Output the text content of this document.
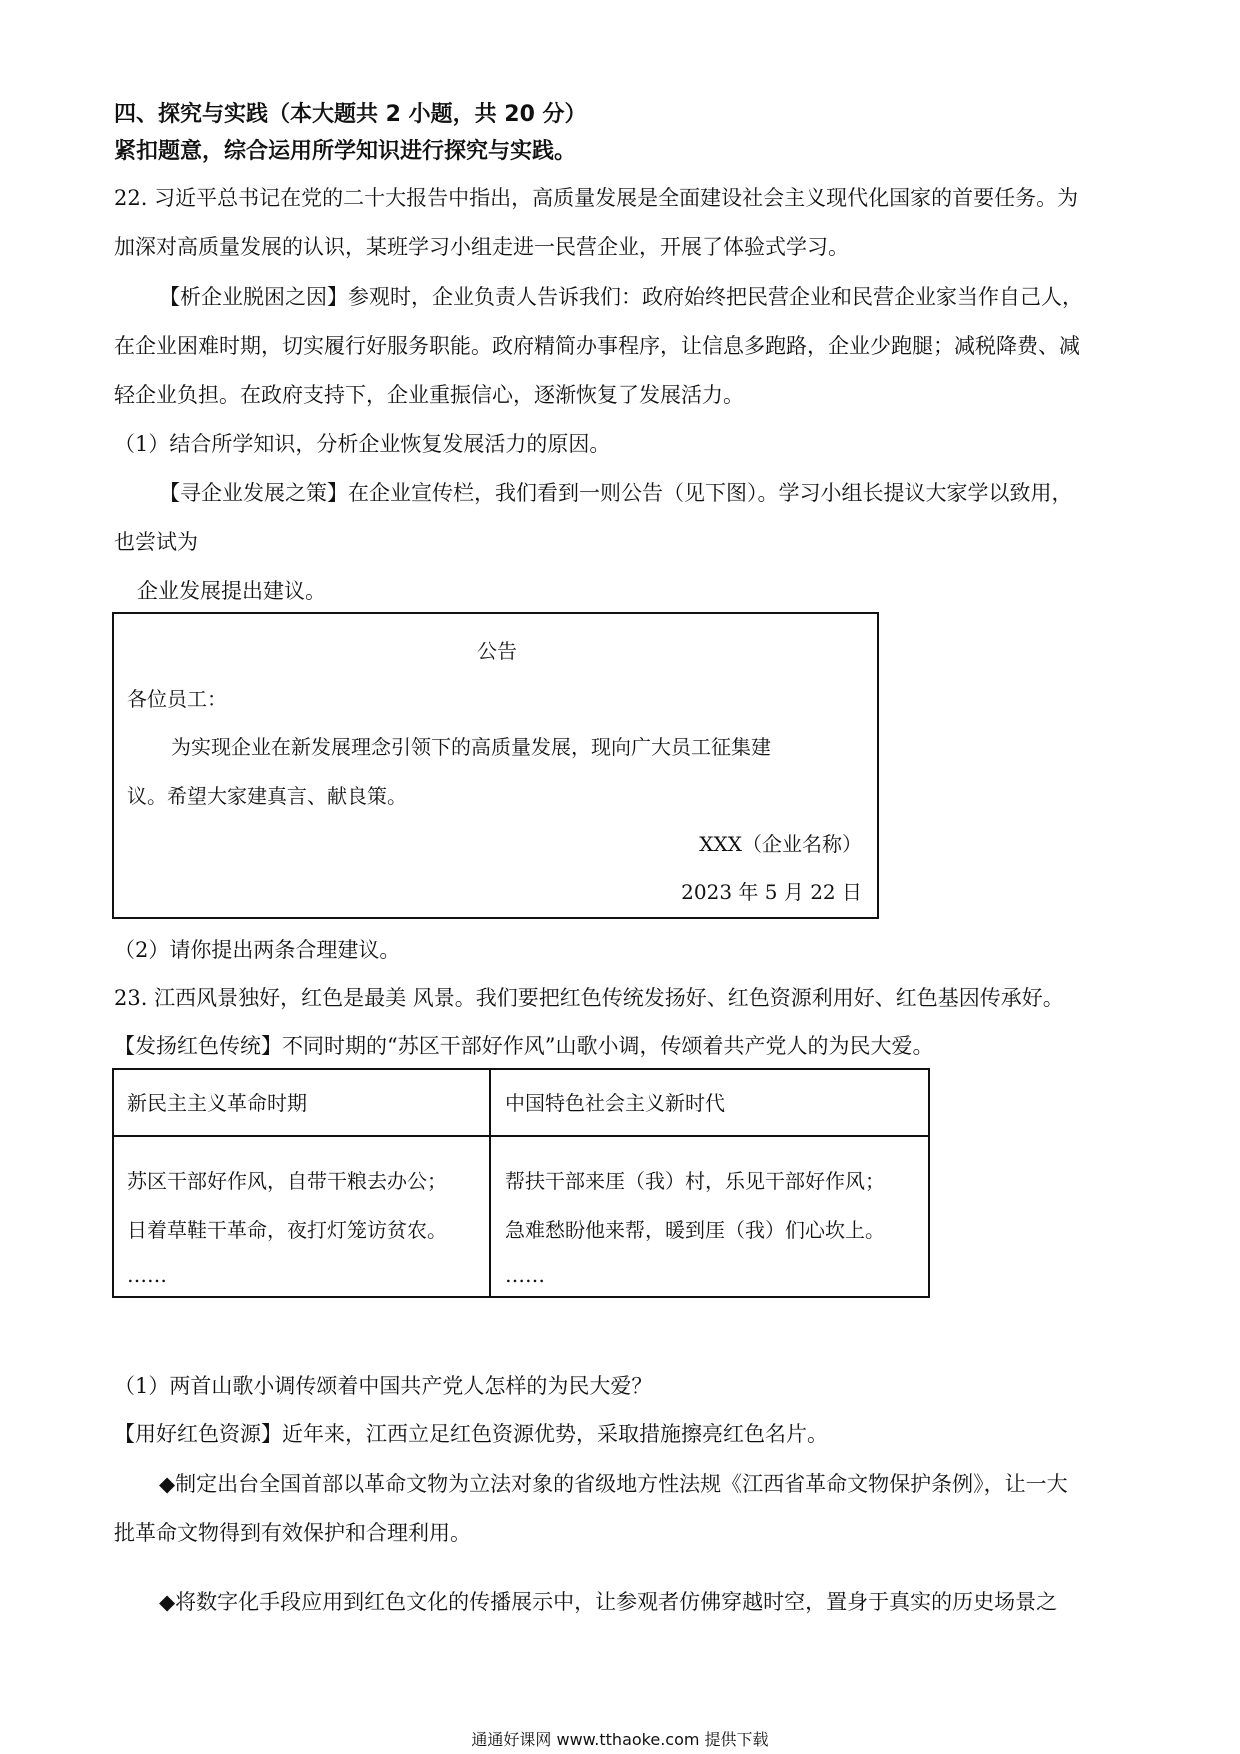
四、探究与实践（本大题共 2 小题，共 20 分）
紧扣题意，综合运用所学知识进行探究与实践。
22. 习近平总书记在党的二十大报告中指出，高质量发展是全面建设社会主义现代化国家的首要任务。为
加深对高质量发展的认识，某班学习小组走进一民营企业，开展了体验式学习。
【析企业脱困之因】参观时，企业负责人告诉我们：政府始终把民营企业和民营企业家当作自己人，
在企业困难时期，切实履行好服务职能。政府精简办事程序，让信息多跑路，企业少跑腿；减税降费、减
轻企业负担。在政府支持下，企业重振信心，逐渐恢复了发展活力。
（1）结合所学知识，分析企业恢复发展活力的原因。
【寻企业发展之策】在企业宣传栏，我们看到一则公告（见下图）。学习小组长提议大家学以致用，
也尝试为
企业发展提出建议。
公告
各位员工：
为实现企业在新发展理念引领下的高质量发展，现向广大员工征集建
议。希望大家建真言、献良策。
XXX（企业名称）
2023 年 5 月 22 日
（2）请你提出两条合理建议。
23. 江西风景独好，红色是最美 风景。我们要把红色传统发扬好、红色资源利用好、红色基因传承好。
【发扬红色传统】不同时期的“苏区干部好作风”山歌小调，传颂着共产党人的为民大爱。
新民主主义革命时期	中国特色社会主义新时代
苏区干部好作风，自带干粮去办公；
日着草鞋干革命，夜打灯笼访贫农。
……
帮扶干部来厓（我）村，乐见干部好作风；
急难愁盼他来帮，暖到厓（我）们心坎上。
……
（1）两首山歌小调传颂着中国共产党人怎样的为民大爱？
【用好红色资源】近年来，江西立足红色资源优势，采取措施擦亮红色名片。
◆制定出台全国首部以革命文物为立法对象的省级地方性法规《江西省革命文物保护条例》，让一大
批革命文物得到有效保护和合理利用。
◆将数字化手段应用到红色文化的传播展示中，让参观者仿佛穿越时空，置身于真实的历史场景之
通通好课网 www.tthaoke.com 提供下载
